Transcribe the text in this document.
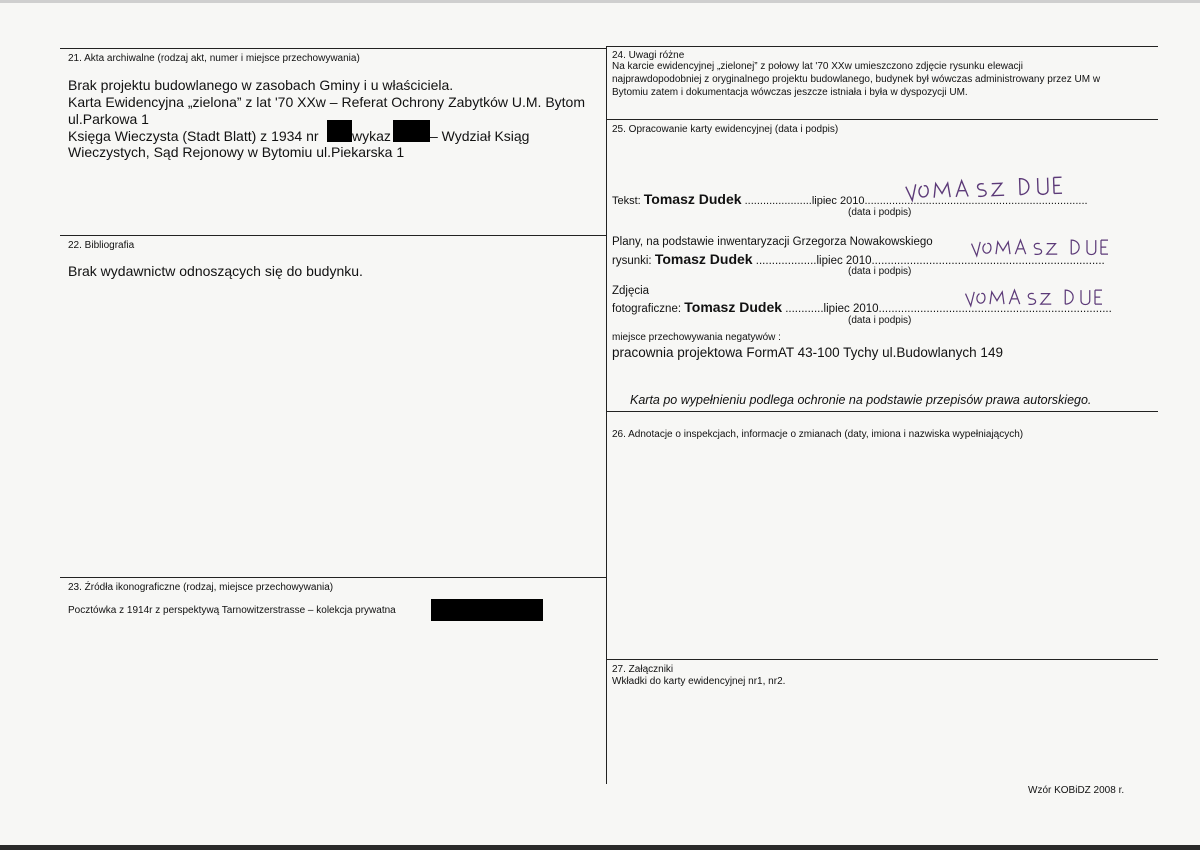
21. Akta archiwalne (rodzaj akt, numer i miejsce przechowywania)
Brak projektu budowlanego w zasobach Gminy i u właściciela.
Karta Ewidencyjna „zielona” z lat '70 XXw – Referat Ochrony Zabytków U.M. Bytom
ul.Parkowa 1
Księga Wieczysta (Stadt Blatt) z 1934 nr wykaz	– Wydział Ksiąg
Wieczystych, Sąd Rejonowy w Bytomiu ul.Piekarska 1
22. Bibliografia
Brak wydawnictw odnoszących się do budynku.
23. Źródła ikonograficzne (rodzaj, miejsce przechowywania)
Pocztówka z 1914r z perspektywą Tarnowitzerstrasse – kolekcja prywatna
24. Uwagi różne
Na karcie ewidencyjnej „zielonej” z połowy lat '70 XXw umieszczono zdjęcie rysunku elewacji
najprawdopodobniej z oryginalnego projektu budowlanego, budynek był wówczas administrowany przez UM w
Bytomiu zatem i dokumentacja wówczas jeszcze istniała i była w dyspozycji UM.
25. Opracowanie karty ewidencyjnej (data i podpis)
Tekst: Tomasz Dudek ......................lipiec 2010.........................................................................
(data i podpis)
Plany, na podstawie inwentaryzacji Grzegorza Nowakowskiego
rysunki: Tomasz Dudek ...................lipiec 2010.........................................................................
(data i podpis)
Zdjęcia
fotograficzne: Tomasz Dudek ............lipiec 2010.........................................................................
(data i podpis)
miejsce przechowywania negatywów :
pracownia projektowa FormAT 43-100 Tychy ul.Budowlanych 149
Karta po wypełnieniu podlega ochronie na podstawie przepisów prawa autorskiego.
26. Adnotacje o inspekcjach, informacje o zmianach (daty, imiona i nazwiska wypełniających)
27. Załączniki
Wkładki do karty ewidencyjnej nr1, nr2.
Wzór KOBiDZ 2008 r.
